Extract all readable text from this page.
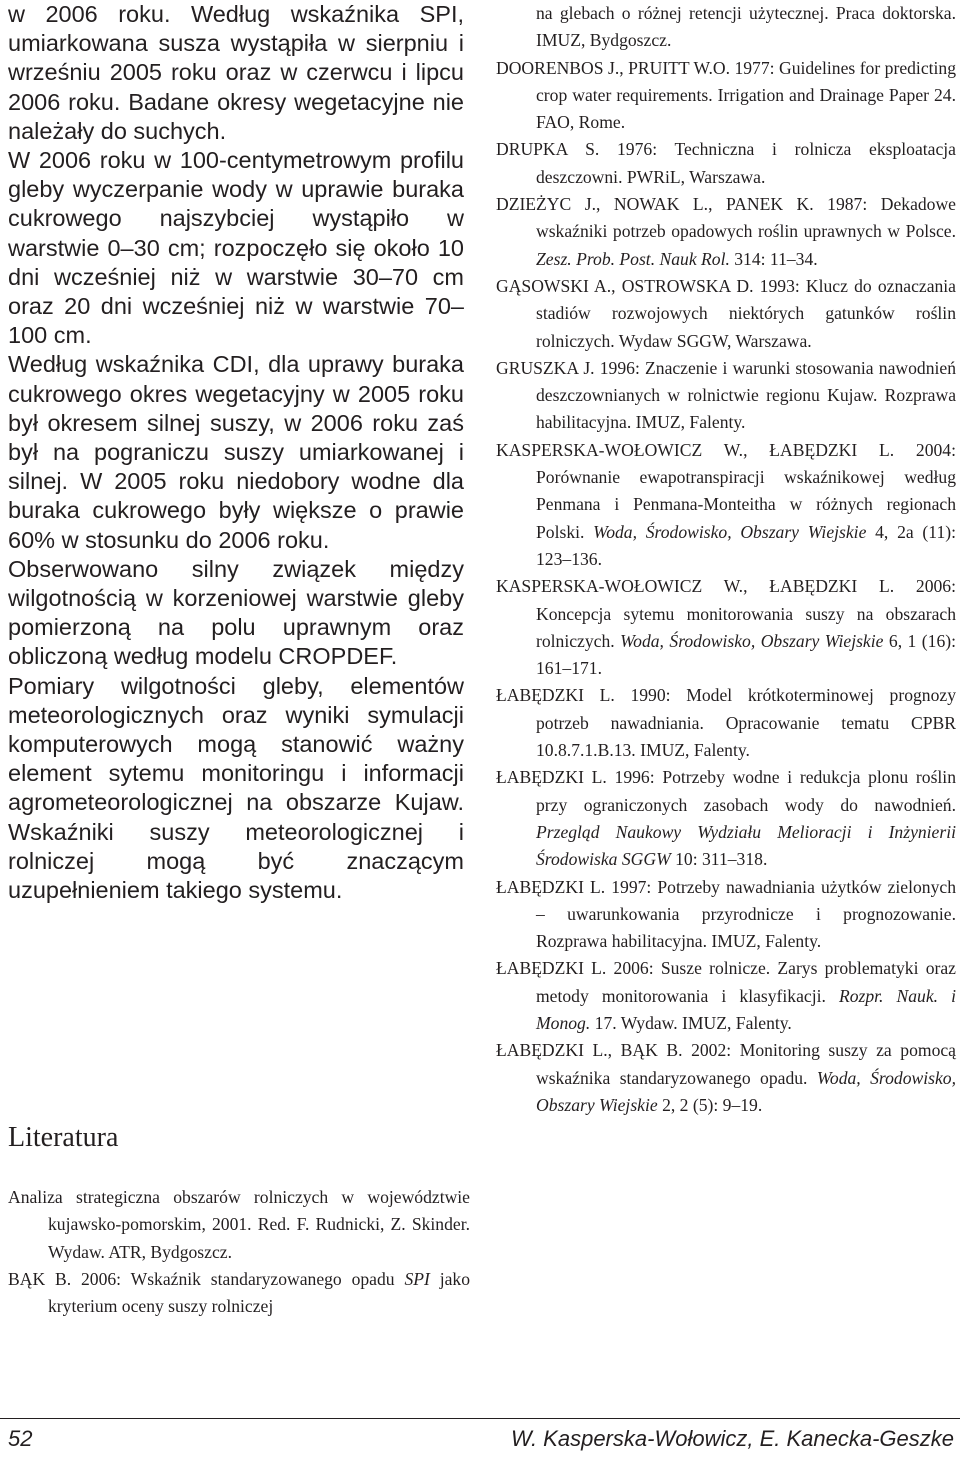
w 2006 roku. Według wskaźnika SPI, umiarkowana susza wystąpiła w sierpniu i wrześniu 2005 roku oraz w czerwcu i lipcu 2006 roku. Badane okresy wegetacyjne nie należały do suchych.

W 2006 roku w 100-centymetrowym profilu gleby wyczerpanie wody w uprawie buraka cukrowego najszybciej wystąpiło w warstwie 0–30 cm; rozpoczęło się około 10 dni wcześniej niż w warstwie 30–70 cm oraz 20 dni wcześniej niż w warstwie 70–100 cm.

Według wskaźnika CDI, dla uprawy buraka cukrowego okres wegetacyjny w 2005 roku był okresem silnej suszy, w 2006 roku zaś był na pograniczu suszy umiarkowanej i silnej. W 2005 roku niedobory wodne dla buraka cukrowego były większe o prawie 60% w stosunku do 2006 roku.

Obserwowano silny związek między wilgotnością w korzeniowej warstwie gleby pomierzoną na polu uprawnym oraz obliczoną według modelu CROPDEF.

Pomiary wilgotności gleby, elementów meteorologicznych oraz wyniki symulacji komputerowych mogą stanowić ważny element sytemu monitoringu i informacji agrometeorologicznej na obszarze Kujaw. Wskaźniki suszy meteorologicznej i rolniczej mogą być znaczącym uzupełnieniem takiego systemu.

Literatura

Analiza strategiczna obszarów rolniczych w województwie kujawsko-pomorskim, 2001. Red. F. Rudnicki, Z. Skinder. Wydaw. ATR, Bydgoszcz.

BĄK B. 2006: Wskaźnik standaryzowanego opadu SPI jako kryterium oceny suszy rolniczej

na glebach o różnej retencji użytecznej. Praca doktorska. IMUZ, Bydgoszcz.

DOORENBOS J., PRUITT W.O. 1977: Guidelines for predicting crop water requirements. Irrigation and Drainage Paper 24. FAO, Rome.

DRUPKA S. 1976: Techniczna i rolnicza eksploatacja deszczowni. PWRiL, Warszawa.

DZIEŻYC J., NOWAK L., PANEK K. 1987: Dekadowe wskaźniki potrzeb opadowych roślin uprawnych w Polsce. Zesz. Prob. Post. Nauk Rol. 314: 11–34.

GĄSOWSKI A., OSTROWSKA D. 1993: Klucz do oznaczania stadiów rozwojowych niektórych gatunków roślin rolniczych. Wydaw SGGW, Warszawa.

GRUSZKA J. 1996: Znaczenie i warunki stosowania nawodnień deszczownianych w rolnictwie regionu Kujaw. Rozprawa habilitacyjna. IMUZ, Falenty.

KASPERSKA-WOŁOWICZ W., ŁABĘDZKI L. 2004: Porównanie ewapotranspiracji wskaźnikowej według Penmana i Penmana-Monteitha w różnych regionach Polski. Woda, Środowisko, Obszary Wiejskie 4, 2a (11): 123–136.

KASPERSKA-WOŁOWICZ W., ŁABĘDZKI L. 2006: Koncepcja sytemu monitorowania suszy na obszarach rolniczych. Woda, Środowisko, Obszary Wiejskie 6, 1 (16): 161–171.

ŁABĘDZKI L. 1990: Model krótkoterminowej prognozy potrzeb nawadniania. Opracowanie tematu CPBR 10.8.7.1.B.13. IMUZ, Falenty.

ŁABĘDZKI L. 1996: Potrzeby wodne i redukcja plonu roślin przy ograniczonych zasobach wody do nawodnień. Przegląd Naukowy Wydziału Melioracji i Inżynierii Środowiska SGGW 10: 311–318.

ŁABĘDZKI L. 1997: Potrzeby nawadniania użytków zielonych – uwarunkowania przyrodnicze i prognozowanie. Rozprawa habilitacyjna. IMUZ, Falenty.

ŁABĘDZKI L. 2006: Susze rolnicze. Zarys problematyki oraz metody monitorowania i klasyfikacji. Rozpr. Nauk. i Monog. 17. Wydaw. IMUZ, Falenty.

ŁABĘDZKI L., BĄK B. 2002: Monitoring suszy za pomocą wskaźnika standaryzowanego opadu. Woda, Środowisko, Obszary Wiejskie 2, 2 (5): 9–19.

52	W. Kasperska-Wołowicz, E. Kanecka-Geszke
